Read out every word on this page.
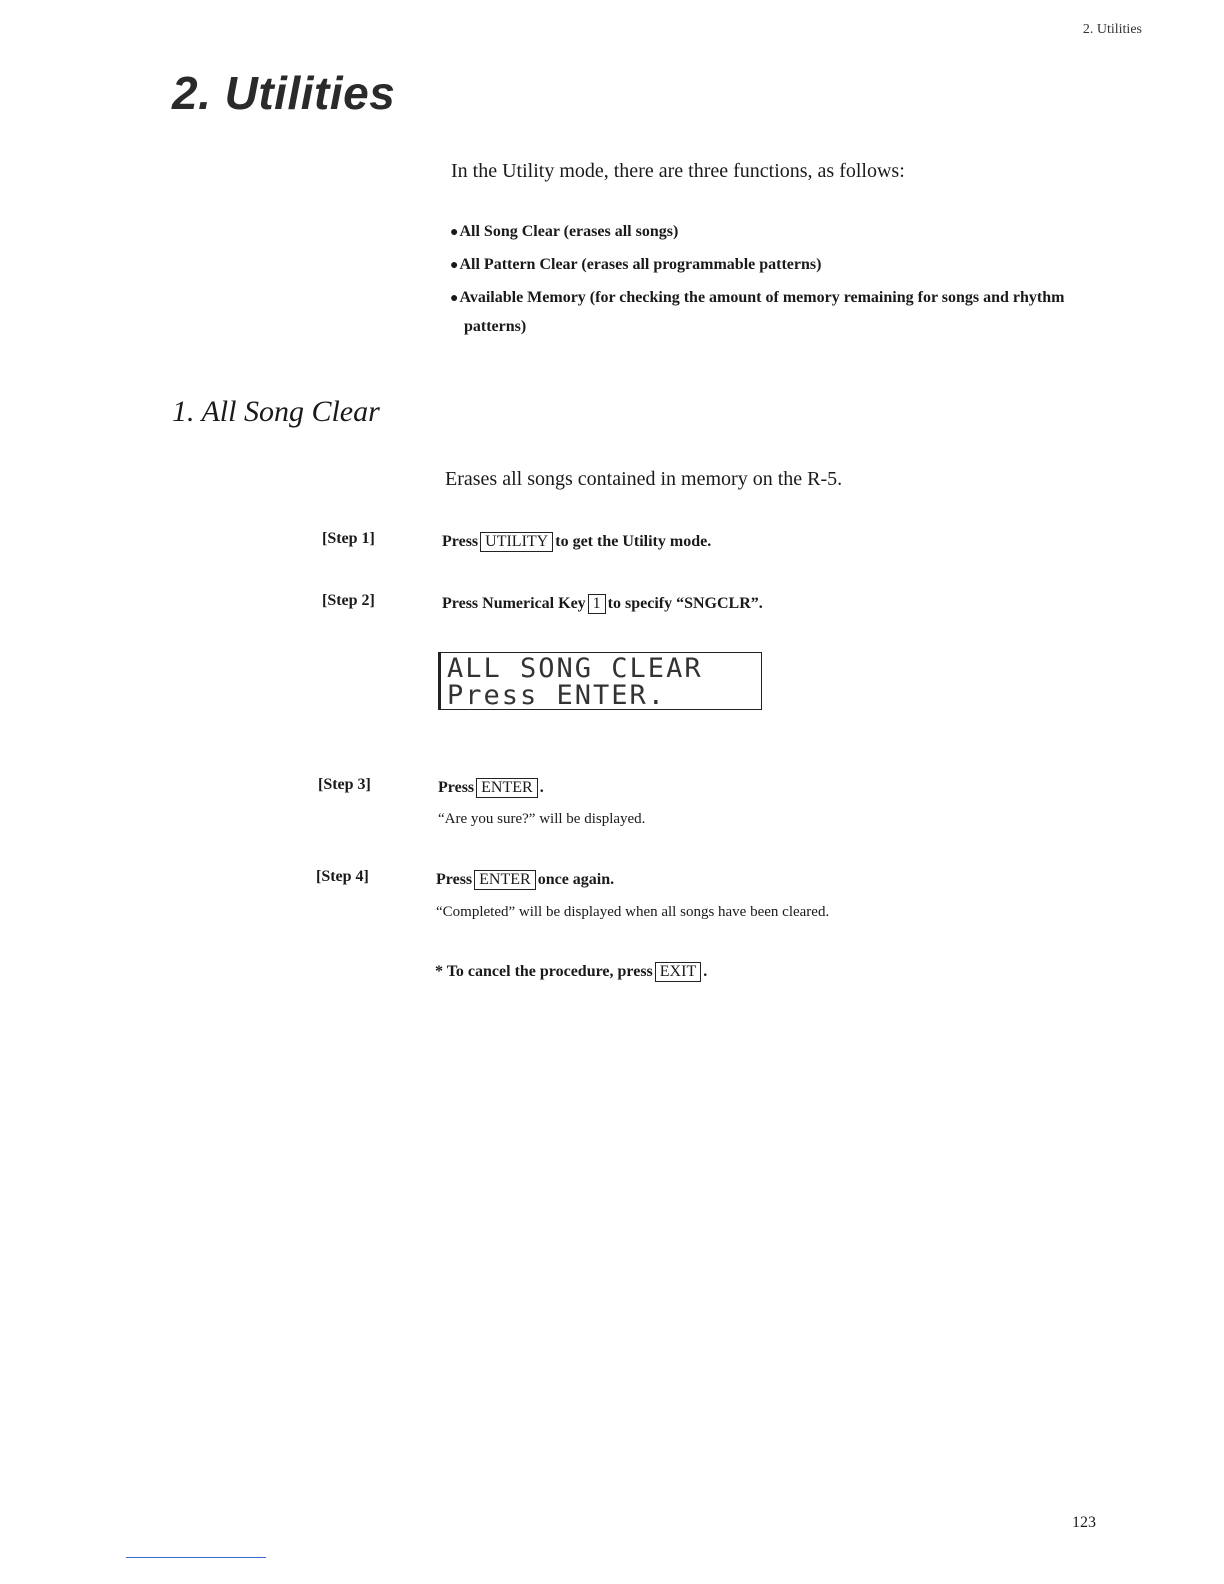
2. Utilities
2. Utilities
In the Utility mode, there are three functions, as follows:
●All Song Clear (erases all songs)
●All Pattern Clear (erases all programmable patterns)
●Available Memory (for checking the amount of memory remaining for songs and rhythm
patterns)
1. All Song Clear
Erases all songs contained in memory on the R-5.
[Step 1]	Press UTILITY to get the Utility mode.
[Step 2]	Press Numerical Key 1 to specify “SNGCLR”.
ALL SONG CLEAR
Press ENTER.
[Step 3]	Press ENTER .
“Are you sure?” will be displayed.
[Step 4]	Press ENTER once again.
“Completed” will be displayed when all songs have been cleared.
* To cancel the procedure, press EXIT .
123
